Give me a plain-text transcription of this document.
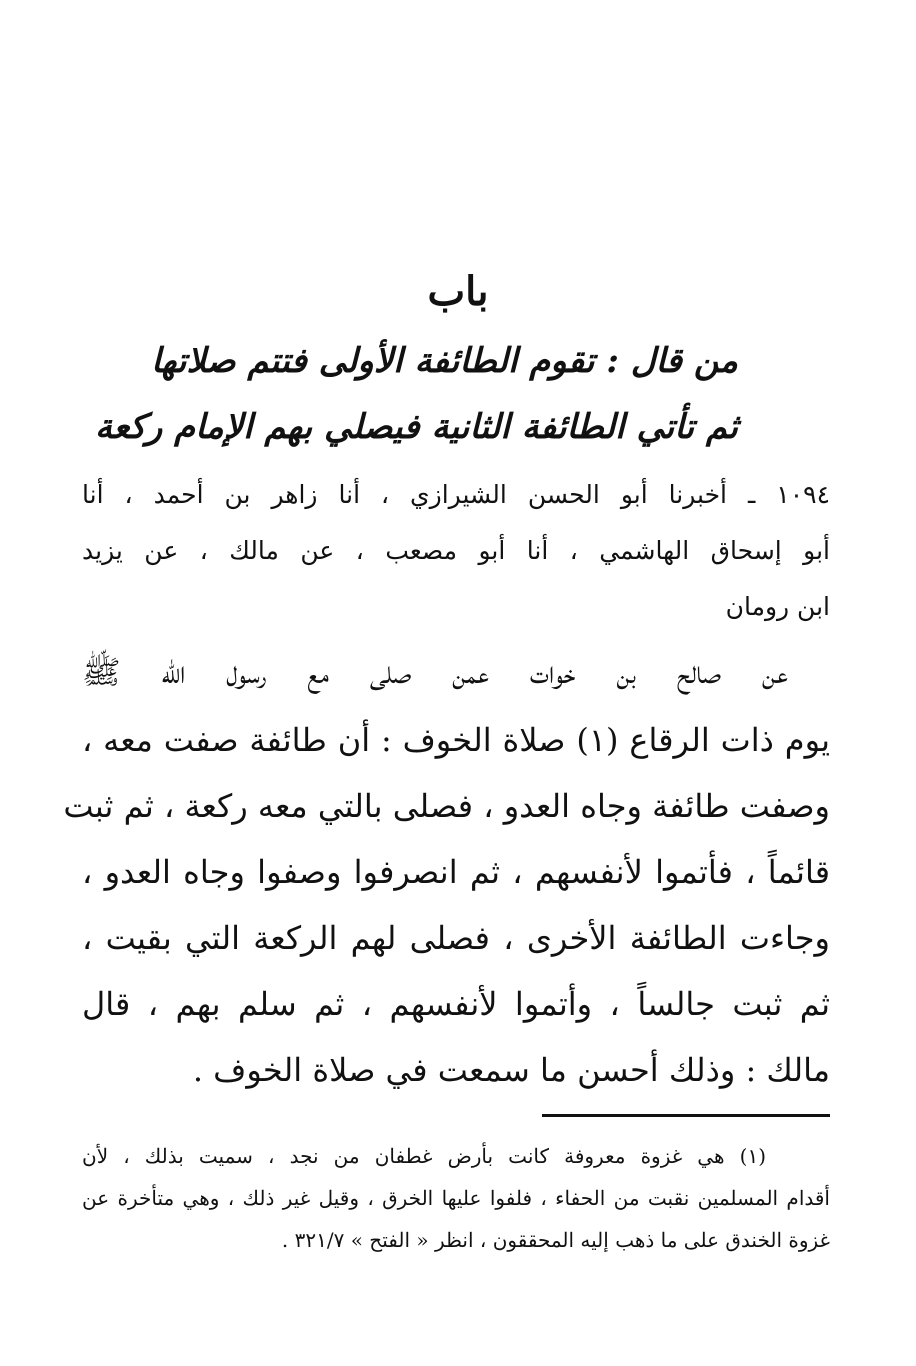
باب
من قال : تقوم الطائفة الأولى فتتم صلاتها
ثم تأتي الطائفة الثانية فيصلي بهم الإمام ركعة
١٠٩٤ ـ أخبرنا أبو الحسن الشيرازي ، أنا زاهر بن أحمد ، أنا
أبو إسحاق الهاشمي ، أنا أبو مصعب ، عن مالك ، عن يزيد
ابن رومان
عن صالح بن خوات عمن صلى مع رسول الله ﷺ
يوم ذات الرقاع (١) صلاة الخوف : أن طائفة صفت معه ،
وصفت طائفة وجاه العدو ، فصلى بالتي معه ركعة ، ثم ثبت
قائماً ، فأتموا لأنفسهم ، ثم انصرفوا وصفوا وجاه العدو ،
وجاءت الطائفة الأخرى ، فصلى لهم الركعة التي بقيت ،
ثم ثبت جالساً ، وأتموا لأنفسهم ، ثم سلم بهم ، قال
مالك : وذلك أحسن ما سمعت في صلاة الخوف .
(١) هي غزوة معروفة كانت بأرض غطفان من نجد ، سميت بذلك ، لأن
أقدام المسلمين نقبت من الحفاء ، فلفوا عليها الخرق ، وقيل غير ذلك ، وهي متأخرة عن
غزوة الخندق على ما ذهب إليه المحققون ، انظر « الفتح » ٣٢١/٧ .
